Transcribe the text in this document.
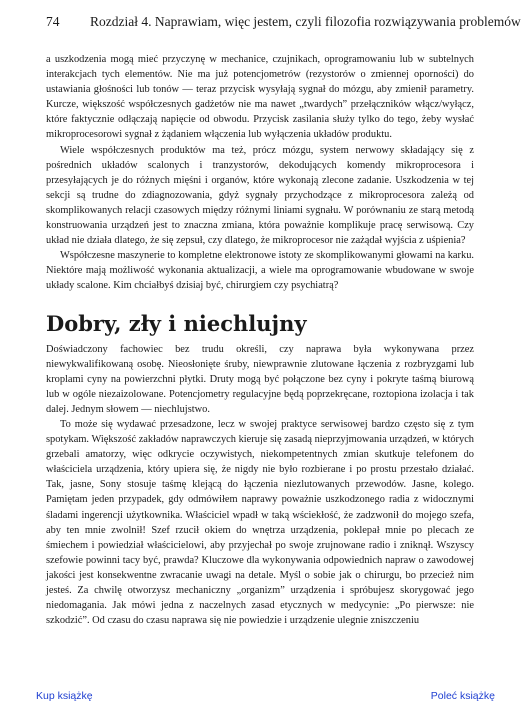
74 Rozdział 4. Naprawiam, więc jestem, czyli filozofia rozwiązywania problemów

a uszkodzenia mogą mieć przyczynę w mechanice, czujnikach, oprogramowaniu lub w subtelnych interakcjach tych elementów. Nie ma już potencjometrów (rezystorów o zmiennej oporności) do ustawiania głośności lub tonów — teraz przycisk wysyłają sygnał do mózgu, aby zmienił parametry. Kurcze, większość współczesnych gadżetów nie ma nawet „twardych” przełączników włącz/wyłącz, które faktycznie odłączają napięcie od obwodu. Przycisk zasilania służy tylko do tego, żeby wysłać mikroprocesorowi sygnał z żądaniem włączenia lub wyłączenia układów produktu.

Wiele współczesnych produktów ma też, prócz mózgu, system nerwowy składający się z pośrednich układów scalonych i tranzystorów, dekodujących komendy mikroprocesora i przesyłających je do różnych mięśni i organów, które wykonają zlecone zadanie. Uszkodzenia w tej sekcji są trudne do zdiagnozowania, gdyż sygnały przychodzące z mikroprocesora zależą od skomplikowanych relacji czasowych między różnymi liniami sygnału. W porównaniu ze starą metodą konstruowania urządzeń jest to znaczna zmiana, która poważnie komplikuje pracę serwisową. Czy układ nie działa dlatego, że się zepsuł, czy dlatego, że mikroprocesor nie zażądał wyjścia z uśpienia?

Współczesne maszynerie to kompletne elektronowe istoty ze skomplikowanymi głowami na karku. Niektóre mają możliwość wykonania aktualizacji, a wiele ma oprogramowanie wbudowane w swoje układy scalone. Kim chciałbyś dzisiaj być, chirurgiem czy psychiatrą?

Dobry, zły i niechlujny

Doświadczony fachowiec bez trudu określi, czy naprawa była wykonywana przez niewykwalifikowaną osobę. Nieosłonięte śruby, niewprawnie zlutowane łączenia z rozbryzgami lub kroplami cyny na powierzchni płytki. Druty mogą być połączone bez cyny i pokryte taśmą biurową lub w ogóle niezaizolowane. Potencjometry regulacyjne będą poprzekręcane, roztopiona izolacja i tak dalej. Jednym słowem — niechlujstwo.

To może się wydawać przesadzone, lecz w swojej praktyce serwisowej bardzo często się z tym spotykam. Większość zakładów naprawczych kieruje się zasadą nieprzyjmowania urządzeń, w których grzebali amatorzy, więc odkrycie oczywistych, niekompetentnych zmian skutkuje telefonem do właściciela urządzenia, który upiera się, że nigdy nie było rozbierane i po prostu przestało działać. Tak, jasne, Sony stosuje taśmę klejącą do łączenia niezlutowanych przewodów. Jasne, kolego. Pamiętam jeden przypadek, gdy odmówiłem naprawy poważnie uszkodzonego radia z widocznymi śladami ingerencji użytkownika. Właściciel wpadł w taką wściekłość, że zadzwonił do mojego szefa, aby ten mnie zwolnił! Szef rzucił okiem do wnętrza urządzenia, poklepał mnie po plecach ze śmiechem i powiedział właścicielowi, aby przyjechał po swoje zrujnowane radio i zniknął. Wszyscy szefowie powinni tacy być, prawda? Kluczowe dla wykonywania odpowiednich napraw o zawodowej jakości jest konsekwentne zwracanie uwagi na detale. Myśl o sobie jak o chirurgu, bo przecież nim jesteś. Za chwilę otworzysz mechaniczny „organizm” urządzenia i spróbujesz skorygować jego niedomagania. Jak mówi jedna z naczelnych zasad etycznych w medycynie: „Po pierwsze: nie szkodzić”. Od czasu do czasu naprawa się nie powiedzie i urządzenie ulegnie zniszczeniu

Kup książkę	Poleć książkę
